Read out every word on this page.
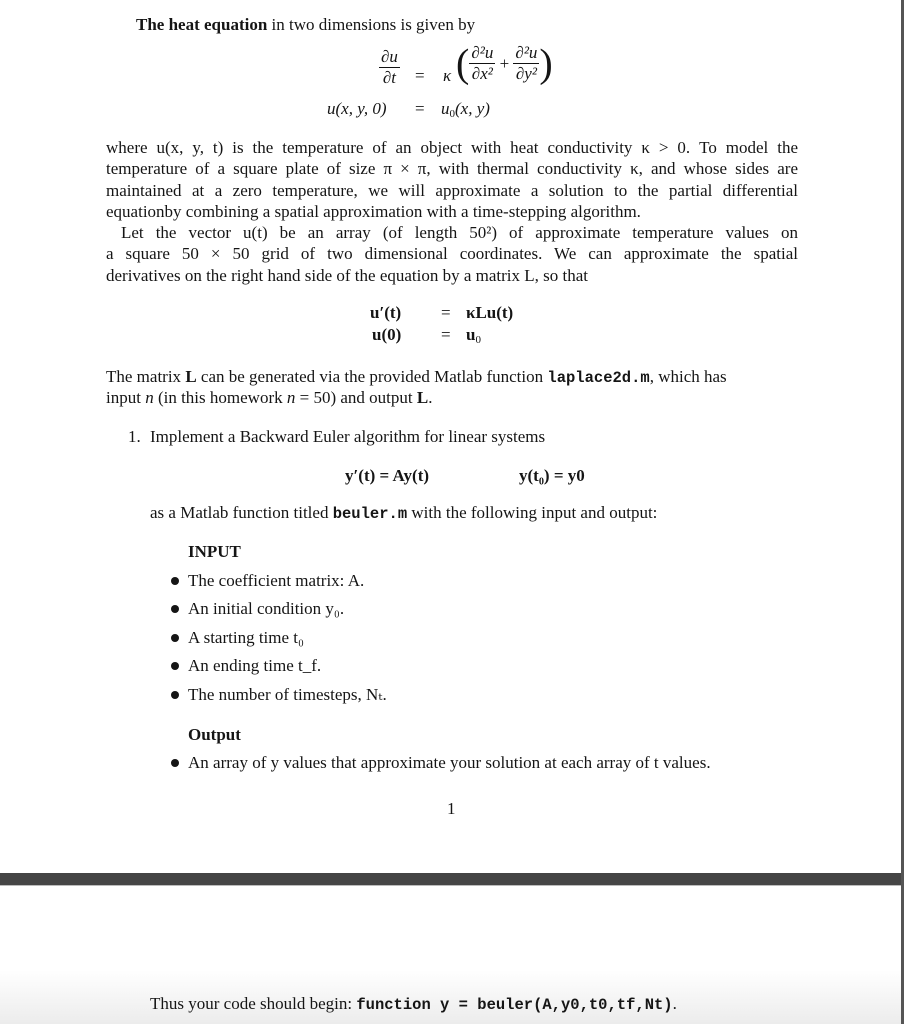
The heat equation in two dimensions is given by
$\frac{\partial u}{\partial t} = \kappa$ ( $\frac{\text{∂²u}}{\text{∂x²}} + \frac{\text{∂²u}}{\text{∂y²}}$ )
u(x, y, $0) = u_0(x$, y)
where u(x, y, t) is the temperature of an object with heat conductivity κ > 0. To model the
temperature of a square plate of size π × π, with thermal conductivity κ, and whose sides are
maintained at a zero temperature, we will approximate a solution to the partial differential
equationby combining a spatial approximation with a time-stepping algorithm.
Let the vector u(t) be an array (of length 50²) of approximate temperature values on
a square 50 × 50 grid of two dimensional coordinates. We can approximate the spatial
derivatives on the right hand side of the equation by a matrix L, so that
u′(t) = κLu(t)
$u(0) = u_0$
The matrix L can be generated via the provided Matlab function laplace2d.m, which has
input n (in this homework n = 50) and output L.
1. Implement a Backward Euler algorithm for linear systems
y′(t) = Ay(t)	y(t₀) = y0
as a Matlab function titled beuler.m with the following input and output:
INPUT
The coefficient matrix: A.
An initial condition y₀.
A starting time t₀
An ending time t_f.
The number of timesteps, Nₜ.
Output
An array of y values that approximate your solution at each array of t values.
1
Thus your code should begin: function y = beuler(A,y0,t0,tf,Nt).
